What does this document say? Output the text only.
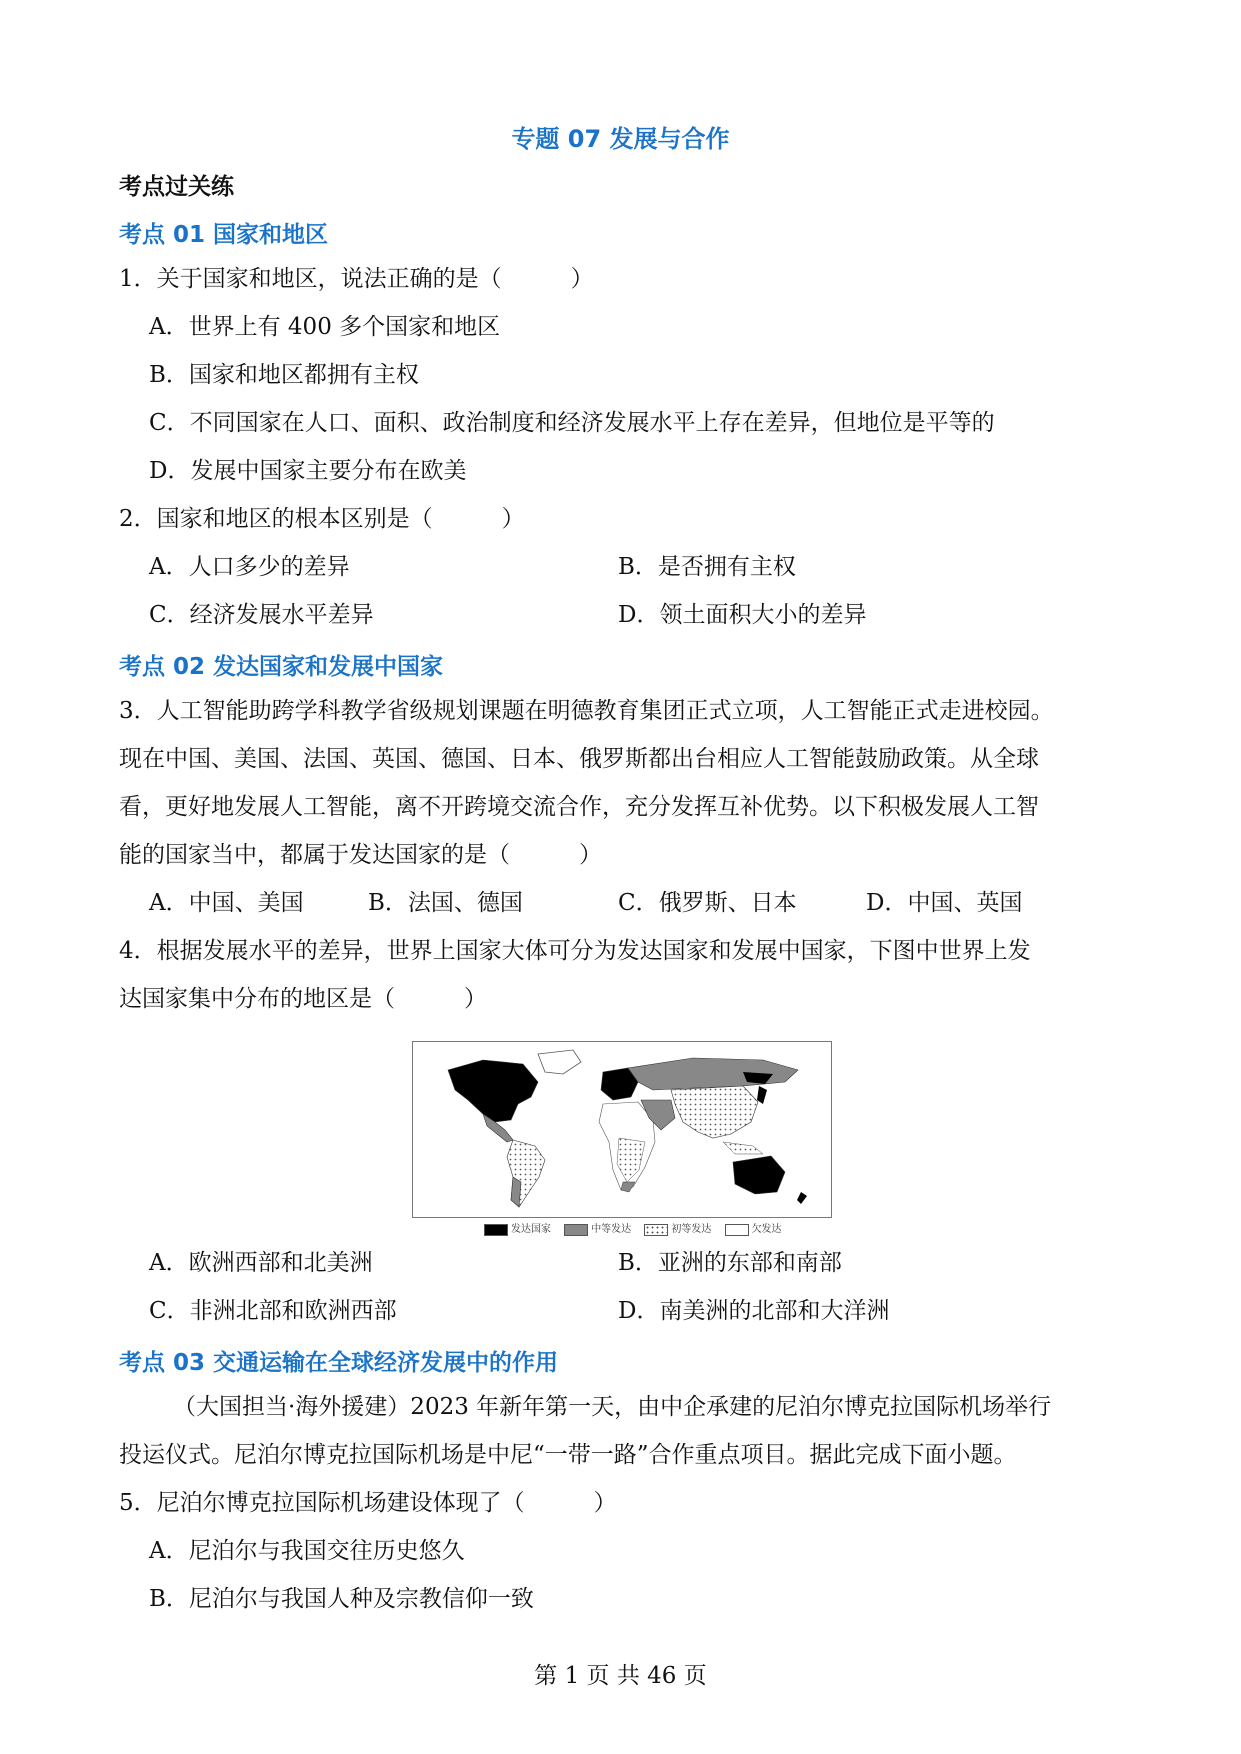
专题 07 发展与合作
考点过关练
考点 01 国家和地区
1．关于国家和地区，说法正确的是（　　　）
A．世界上有 400 多个国家和地区
B．国家和地区都拥有主权
C．不同国家在人口、面积、政治制度和经济发展水平上存在差异，但地位是平等的
D．发展中国家主要分布在欧美
2．国家和地区的根本区别是（　　　）
A．人口多少的差异	B．是否拥有主权
C．经济发展水平差异	D．领土面积大小的差异
考点 02 发达国家和发展中国家
3．人工智能助跨学科教学省级规划课题在明德教育集团正式立项，人工智能正式走进校园。
现在中国、美国、法国、英国、德国、日本、俄罗斯都出台相应人工智能鼓励政策。从全球
看，更好地发展人工智能，离不开跨境交流合作，充分发挥互补优势。以下积极发展人工智
能的国家当中，都属于发达国家的是（　　　）
A．中国、美国	B．法国、德国	C．俄罗斯、日本	D．中国、英国
4．根据发展水平的差异，世界上国家大体可分为发达国家和发展中国家，下图中世界上发
达国家集中分布的地区是（　　　）
发达国家	中等发达	初等发达	欠发达
A．欧洲西部和北美洲	B．亚洲的东部和南部
C．非洲北部和欧洲西部	D．南美洲的北部和大洋洲
考点 03 交通运输在全球经济发展中的作用
（大国担当·海外援建）2023 年新年第一天，由中企承建的尼泊尔博克拉国际机场举行
投运仪式。尼泊尔博克拉国际机场是中尼“一带一路”合作重点项目。据此完成下面小题。
5．尼泊尔博克拉国际机场建设体现了（　　　）
A．尼泊尔与我国交往历史悠久
B．尼泊尔与我国人种及宗教信仰一致
第 1 页 共 46 页
